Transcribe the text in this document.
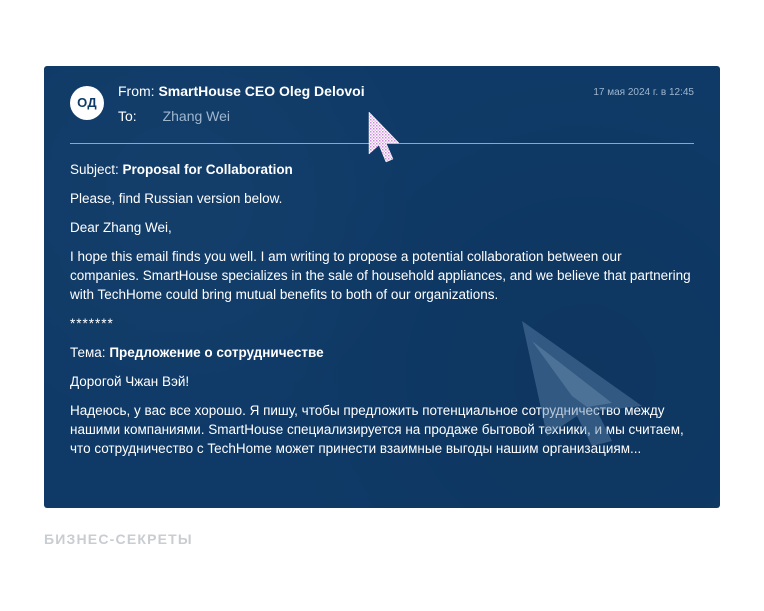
ОД
From: SmartHouse CEO Oleg Delovoi
To: Zhang Wei
17 мая 2024 г. в 12:45

Subject: Proposal for Collaboration

Please, find Russian version below.

Dear Zhang Wei,

I hope this email finds you well. I am writing to propose a potential collaboration between our companies. SmartHouse specializes in the sale of household appliances, and we believe that partnering with TechHome could bring mutual benefits to both of our organizations.

*******

Тема: Предложение о сотрудничестве

Дорогой Чжан Вэй!

Надеюсь, у вас все хорошо. Я пишу, чтобы предложить потенциальное сотрудничество между нашими компаниями. SmartHouse специализируется на продаже бытовой техники, и мы считаем, что сотрудничество с TechHome может принести взаимные выгоды нашим организациям...

БИЗНЕС-СЕКРЕТЫ
